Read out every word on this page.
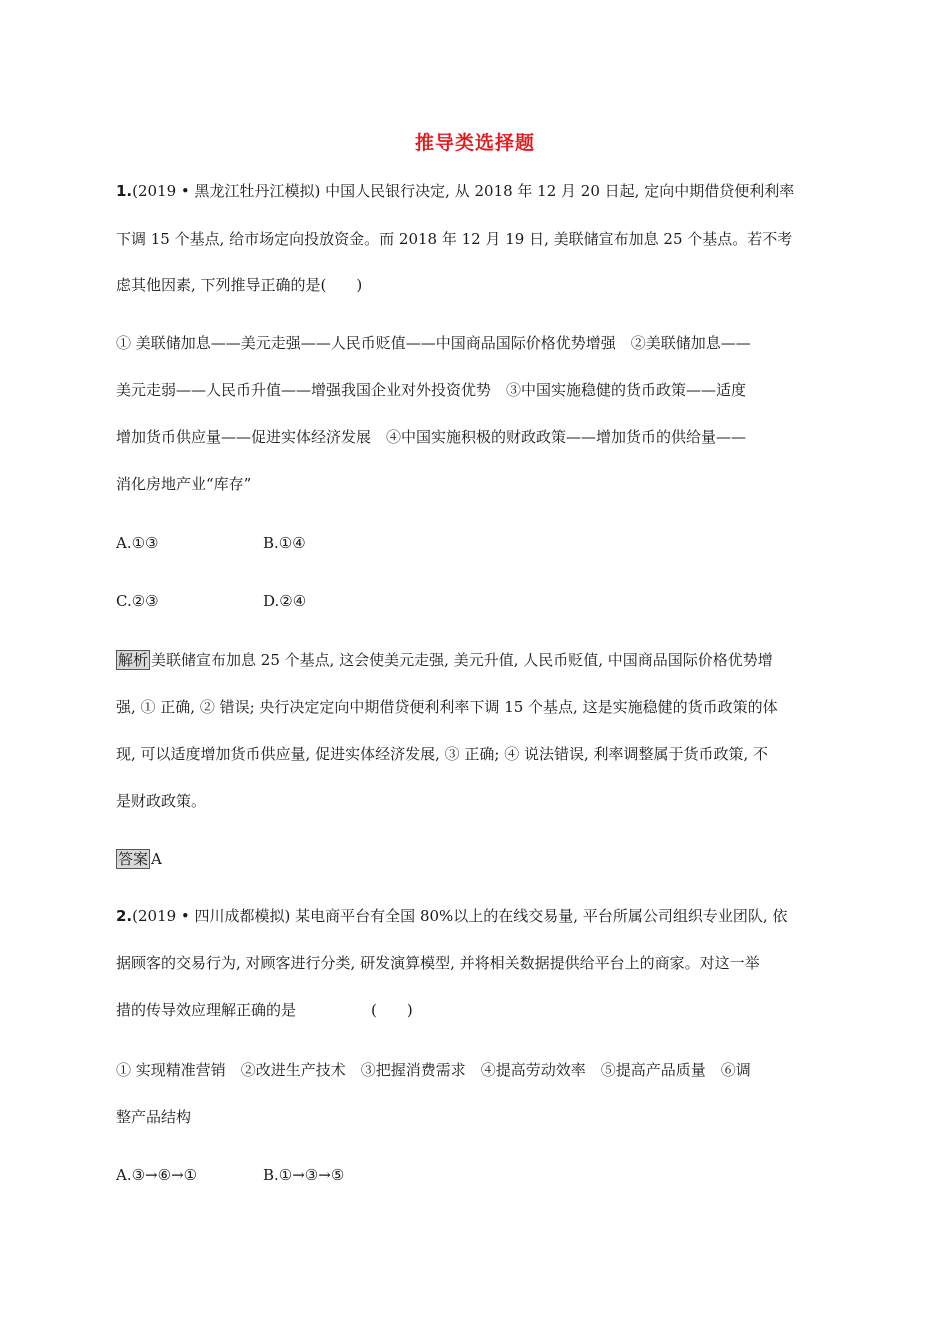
推导类选择题
1.(2019 • 黑龙江牡丹江模拟) 中国人民银行决定, 从 2018 年 12 月 20 日起, 定向中期借贷便利利率
下调 15 个基点, 给市场定向投放资金。而 2018 年 12 月 19 日, 美联储宣布加息 25 个基点。若不考
虑其他因素, 下列推导正确的是(　　)
① 美联储加息——美元走强——人民币贬值——中国商品国际价格优势增强　②美联储加息——
美元走弱——人民币升值——增强我国企业对外投资优势　③中国实施稳健的货币政策——适度
增加货币供应量——促进实体经济发展　④中国实施积极的财政政策——增加货币的供给量——
消化房地产业“库存”
A.①③	B.①④
C.②③	D.②④
解析 美联储宣布加息 25 个基点, 这会使美元走强, 美元升值, 人民币贬值, 中国商品国际价格优势增
强, ① 正确, ② 错误; 央行决定定向中期借贷便利利率下调 15 个基点, 这是实施稳健的货币政策的体
现, 可以适度增加货币供应量, 促进实体经济发展, ③ 正确; ④ 说法错误, 利率调整属于货币政策, 不
是财政政策。
答案 A
2.(2019 • 四川成都模拟) 某电商平台有全国 80%以上的在线交易量, 平台所属公司组织专业团队, 依
据顾客的交易行为, 对顾客进行分类, 研发演算模型, 并将相关数据提供给平台上的商家。对这一举
措的传导效应理解正确的是　　　　　(　　)
① 实现精准营销　②改进生产技术　③把握消费需求　④提高劳动效率　⑤提高产品质量　⑥调
整产品结构
A.③→⑥→①	B.①→③→⑤
